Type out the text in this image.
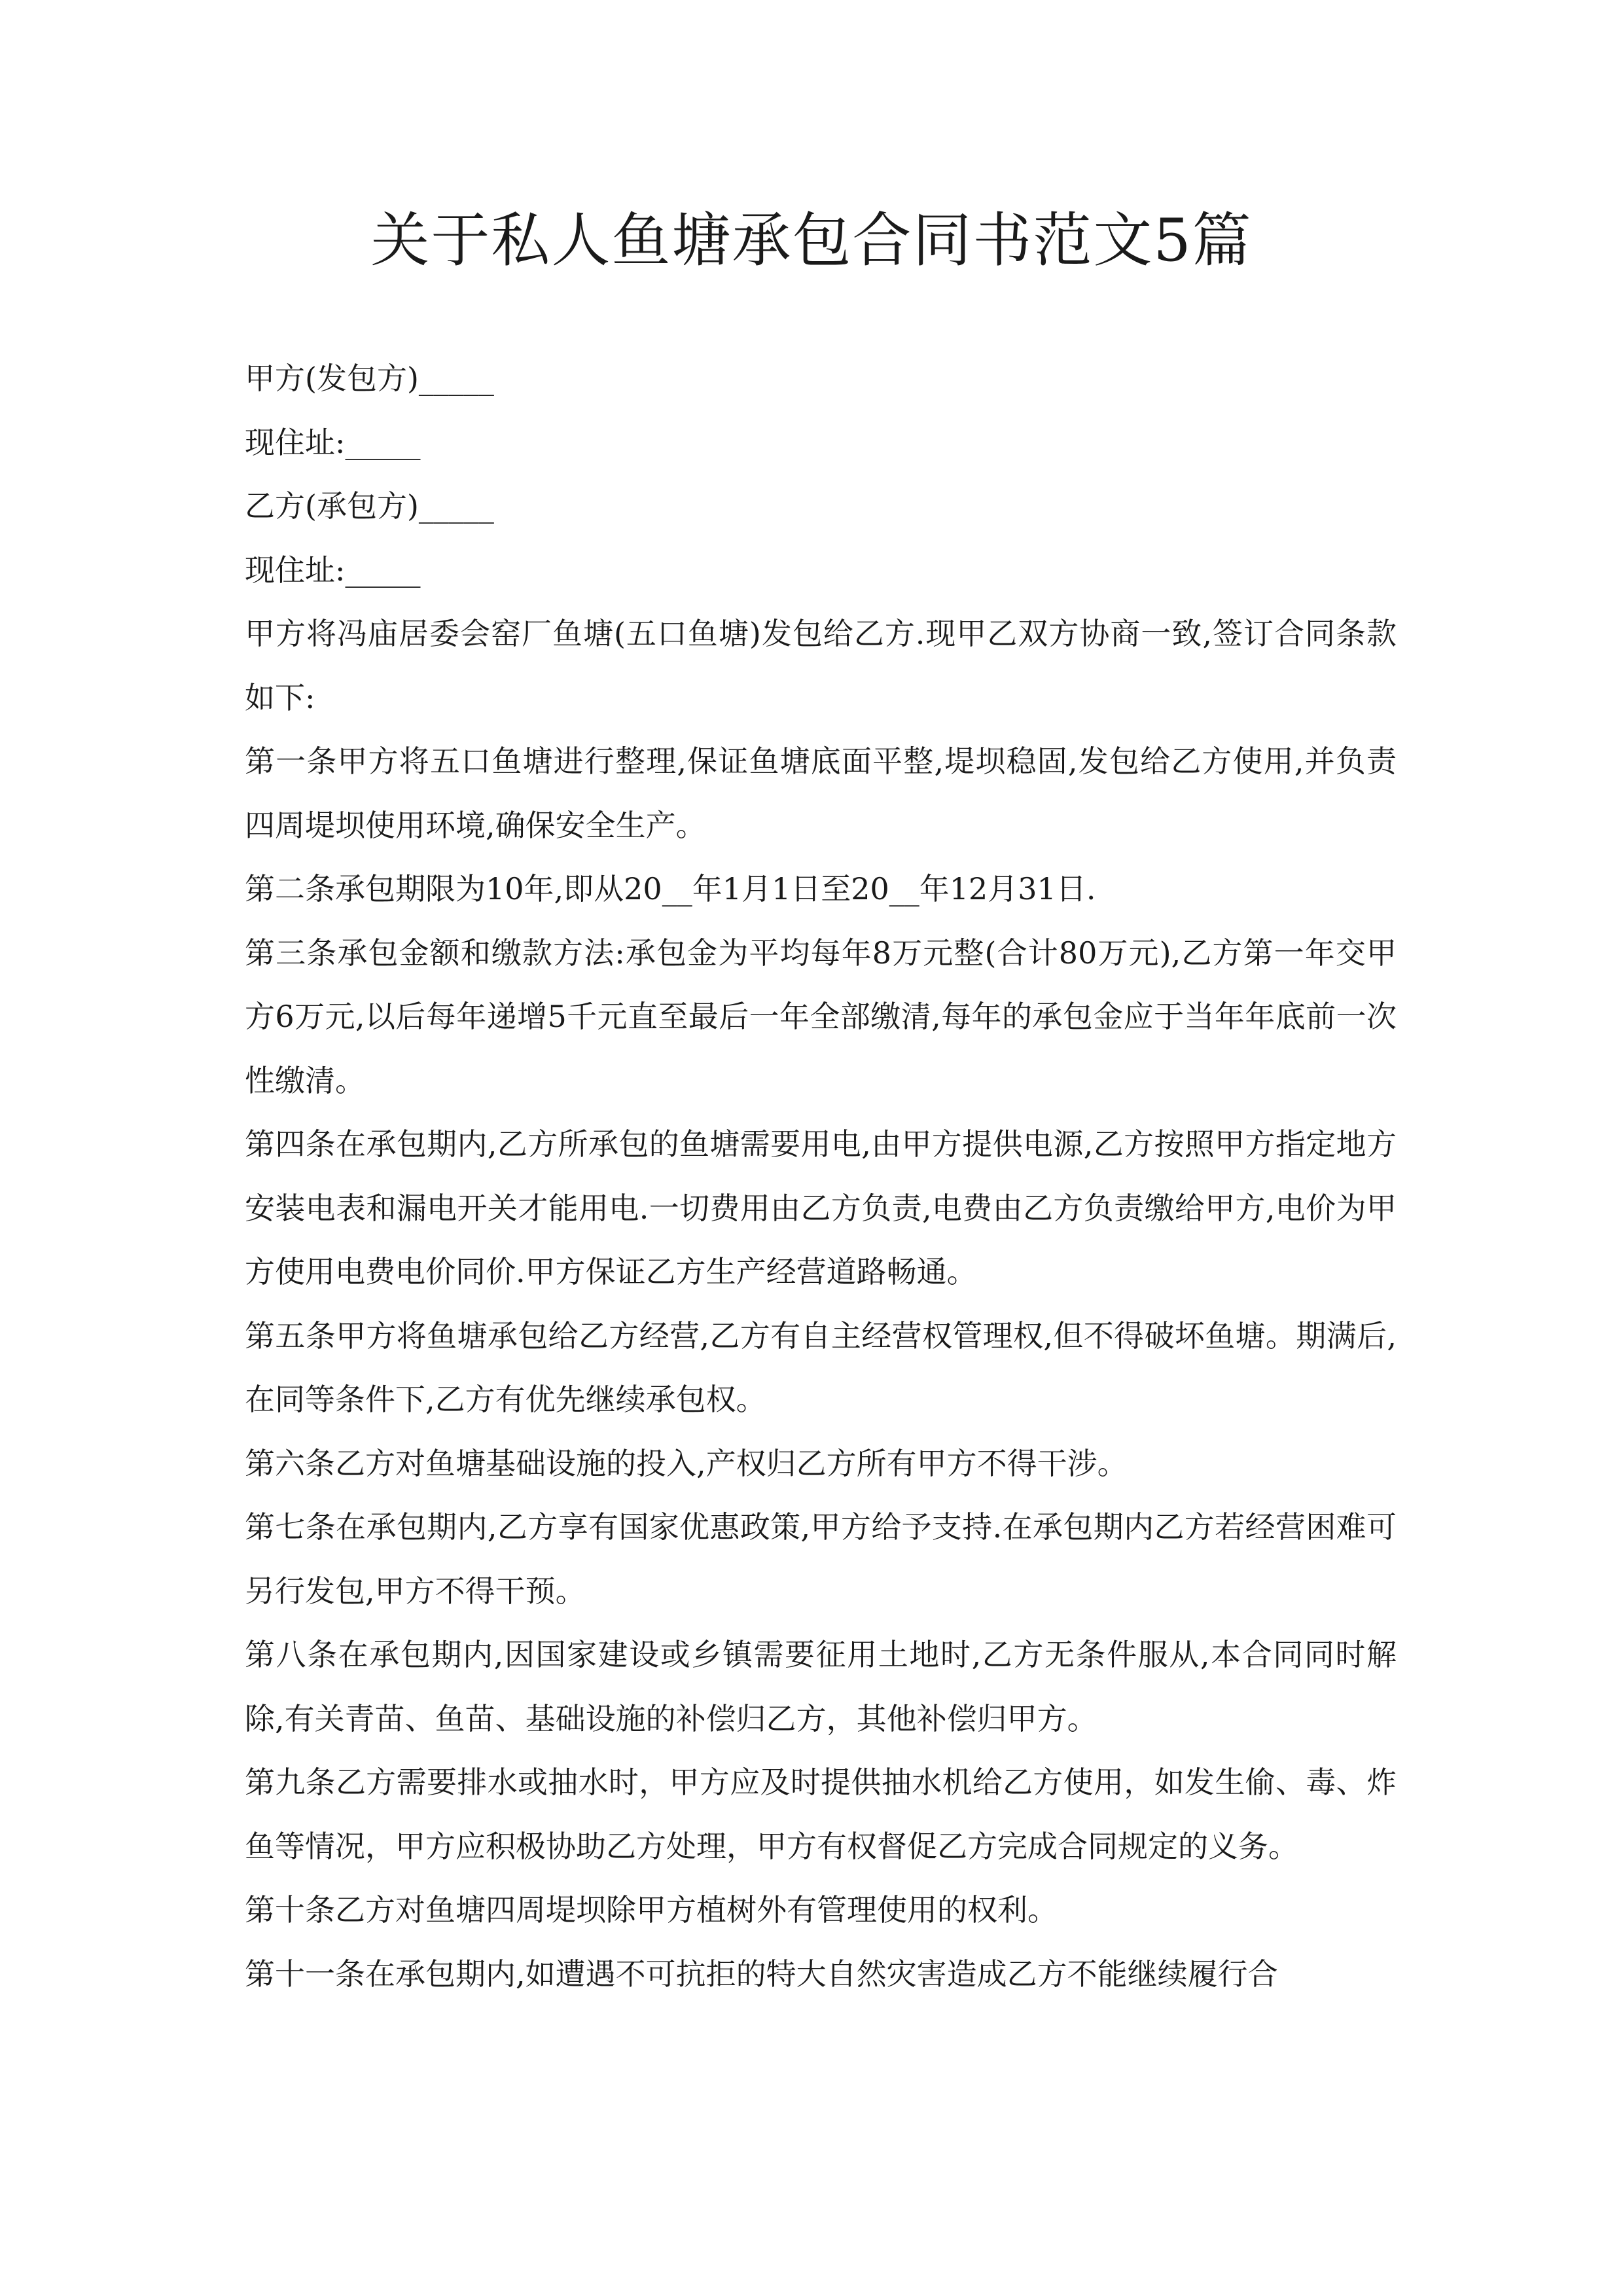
关于私人鱼塘承包合同书范文5篇

甲方(发包方)_____

现住址:_____

乙方(承包方)_____

现住址:_____

甲方将冯庙居委会窑厂鱼塘(五口鱼塘)发包给乙方.现甲乙双方协商一致,签订合同条款如下:

第一条甲方将五口鱼塘进行整理,保证鱼塘底面平整,堤坝稳固,发包给乙方使用,并负责四周堤坝使用环境,确保安全生产。

第二条承包期限为10年,即从20__年1月1日至20__年12月31日.

第三条承包金额和缴款方法:承包金为平均每年8万元整(合计80万元),乙方第一年交甲方6万元,以后每年递增5千元直至最后一年全部缴清,每年的承包金应于当年年底前一次性缴清。

第四条在承包期内,乙方所承包的鱼塘需要用电,由甲方提供电源,乙方按照甲方指定地方安装电表和漏电开关才能用电.一切费用由乙方负责,电费由乙方负责缴给甲方,电价为甲方使用电费电价同价.甲方保证乙方生产经营道路畅通。

第五条甲方将鱼塘承包给乙方经营,乙方有自主经营权管理权,但不得破坏鱼塘。期满后,在同等条件下,乙方有优先继续承包权。

第六条乙方对鱼塘基础设施的投入,产权归乙方所有甲方不得干涉。

第七条在承包期内,乙方享有国家优惠政策,甲方给予支持.在承包期内乙方若经营困难可另行发包,甲方不得干预。

第八条在承包期内,因国家建设或乡镇需要征用土地时,乙方无条件服从,本合同同时解除,有关青苗、鱼苗、基础设施的补偿归乙方，其他补偿归甲方。

第九条乙方需要排水或抽水时，甲方应及时提供抽水机给乙方使用，如发生偷、毒、炸鱼等情况，甲方应积极协助乙方处理，甲方有权督促乙方完成合同规定的义务。

第十条乙方对鱼塘四周堤坝除甲方植树外有管理使用的权利。

第十一条在承包期内,如遭遇不可抗拒的特大自然灾害造成乙方不能继续履行合
